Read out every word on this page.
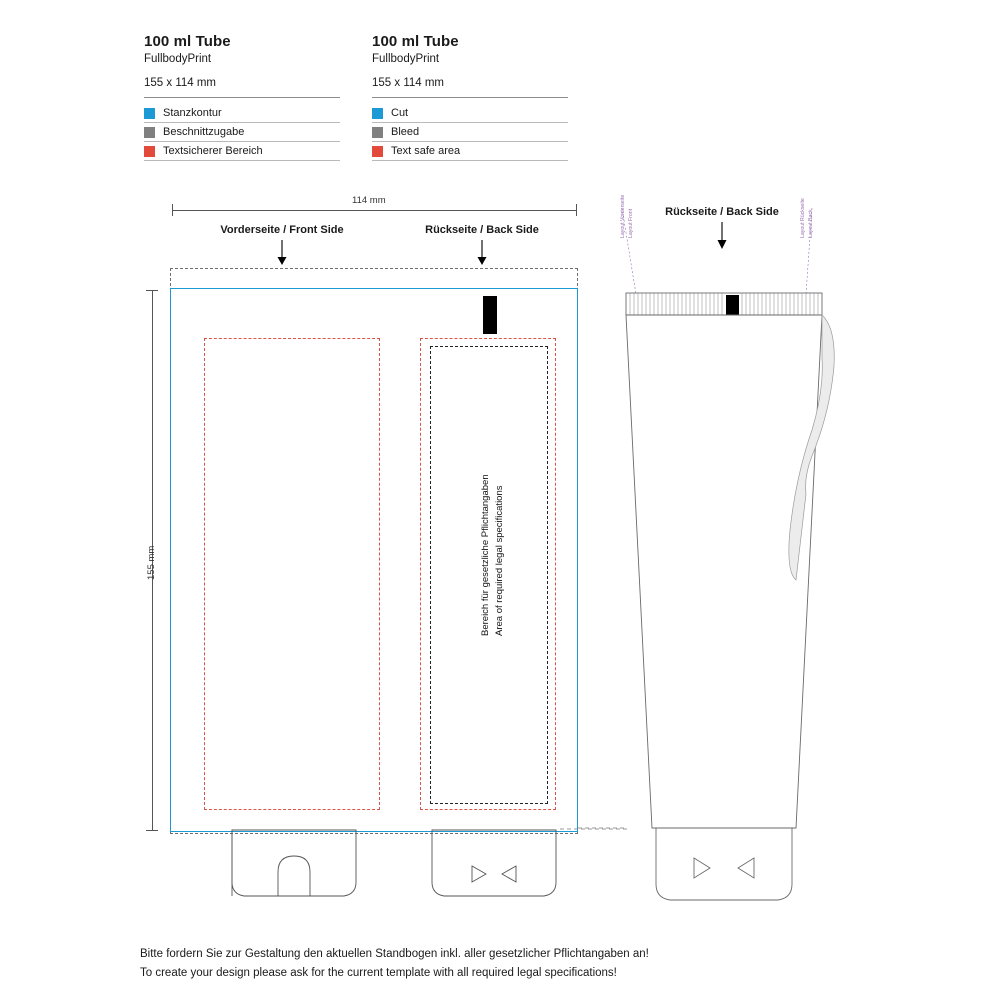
100 ml Tube
FullbodyPrint
155 x 114 mm
Stanzkontur
Beschnittzugabe
Textsicherer Bereich
100 ml Tube
FullbodyPrint
155 x 114 mm
Cut
Bleed
Text safe area
114 mm
155 mm
Vorderseite / Front Side	Rückseite / Back Side
Bereich für gesetzliche Pflichtangaben Area of required legal specifications
Rückseite / Back Side
Layout Vorderseite Layout Front	Layout Rückseite Layout Back
Bitte fordern Sie zur Gestaltung den aktuellen Standbogen inkl. aller gesetzlicher Pflichtangaben an!
To create your design please ask for the current template with all required legal specifications!
